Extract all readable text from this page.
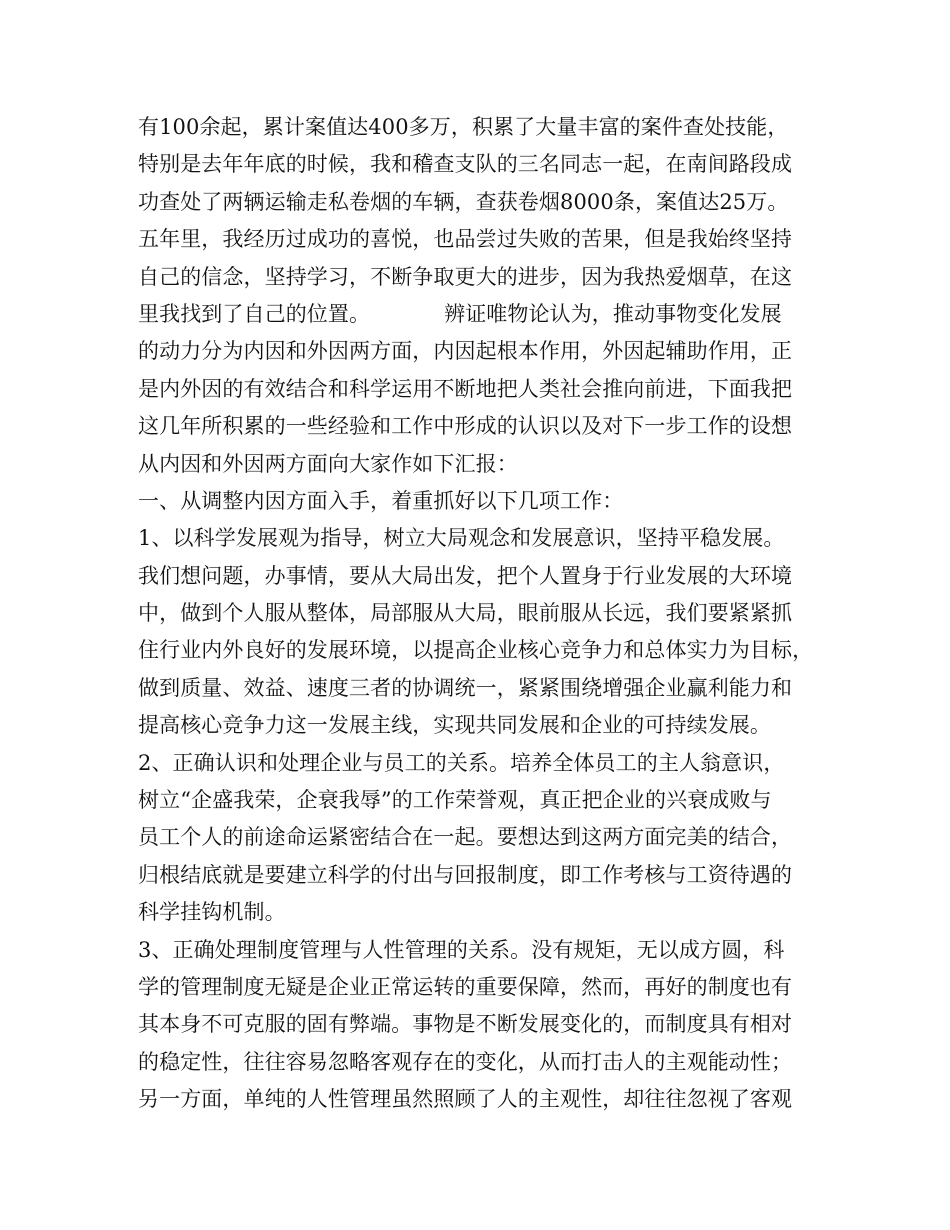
有100余起，累计案值达400多万，积累了大量丰富的案件查处技能，
特别是去年年底的时候，我和稽查支队的三名同志一起，在南间路段成
功查处了两辆运输走私卷烟的车辆，查获卷烟8000条，案值达25万。
五年里，我经历过成功的喜悦，也品尝过失败的苦果，但是我始终坚持
自己的信念，坚持学习，不断争取更大的进步，因为我热爱烟草，在这
里我找到了自己的位置。	辨证唯物论认为，推动事物变化发展
的动力分为内因和外因两方面，内因起根本作用，外因起辅助作用，正
是内外因的有效结合和科学运用不断地把人类社会推向前进，下面我把
这几年所积累的一些经验和工作中形成的认识以及对下一步工作的设想
从内因和外因两方面向大家作如下汇报：
一、从调整内因方面入手，着重抓好以下几项工作：
1、以科学发展观为指导，树立大局观念和发展意识，坚持平稳发展。
我们想问题，办事情，要从大局出发，把个人置身于行业发展的大环境
中，做到个人服从整体，局部服从大局，眼前服从长远，我们要紧紧抓
住行业内外良好的发展环境，以提高企业核心竞争力和总体实力为目标，
做到质量、效益、速度三者的协调统一，紧紧围绕增强企业赢利能力和
提高核心竞争力这一发展主线，实现共同发展和企业的可持续发展。
2、正确认识和处理企业与员工的关系。培养全体员工的主人翁意识，
树立“企盛我荣，企衰我辱”的工作荣誉观，真正把企业的兴衰成败与
员工个人的前途命运紧密结合在一起。要想达到这两方面完美的结合，
归根结底就是要建立科学的付出与回报制度，即工作考核与工资待遇的
科学挂钩机制。
3、正确处理制度管理与人性管理的关系。没有规矩，无以成方圆，科
学的管理制度无疑是企业正常运转的重要保障，然而，再好的制度也有
其本身不可克服的固有弊端。事物是不断发展变化的，而制度具有相对
的稳定性，往往容易忽略客观存在的变化，从而打击人的主观能动性；
另一方面，单纯的人性管理虽然照顾了人的主观性，却往往忽视了客观
